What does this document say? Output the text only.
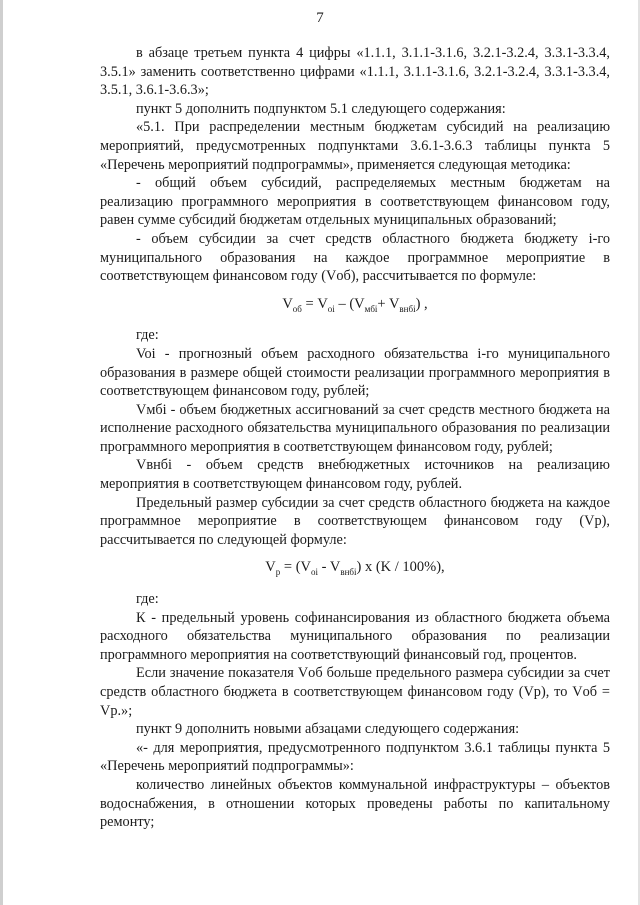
7

в абзаце третьем пункта 4 цифры «1.1.1, 3.1.1-3.1.6, 3.2.1-3.2.4, 3.3.1-3.3.4, 3.5.1» заменить соответственно цифрами «1.1.1, 3.1.1-3.1.6, 3.2.1-3.2.4, 3.3.1-3.3.4, 3.5.1, 3.6.1-3.6.3»;

пункт 5 дополнить подпунктом 5.1 следующего содержания:

«5.1. При распределении местным бюджетам субсидий на реализацию мероприятий, предусмотренных подпунктами 3.6.1-3.6.3 таблицы пункта 5 «Перечень мероприятий подпрограммы», применяется следующая методика:

- общий объем субсидий, распределяемых местным бюджетам на реализацию программного мероприятия в соответствующем финансовом году, равен сумме субсидий бюджетам отдельных муниципальных образований;

- объем субсидии за счет средств областного бюджета бюджету i-го муниципального образования на каждое программное мероприятие в соответствующем финансовом году (Vоб), рассчитывается по формуле:

$V_{об} = V_{oi} - (V_{мбi}+ V_{внбi})$ ,

где:

Voi - прогнозный объем расходного обязательства i-го муниципального образования в размере общей стоимости реализации программного мероприятия в соответствующем финансовом году, рублей;

Vмбi - объем бюджетных ассигнований за счет средств местного бюджета на исполнение расходного обязательства муниципального образования по реализации программного мероприятия в соответствующем финансовом году, рублей;

Vвнбi - объем средств внебюджетных источников на реализацию мероприятия в соответствующем финансовом году, рублей.

Предельный размер субсидии за счет средств областного бюджета на каждое программное мероприятие в соответствующем финансовом году (Vp), рассчитывается по следующей формуле:

$V_p = (V_{oi} - V_{внбi})$ x (K / 100%),

где:

К - предельный уровень софинансирования из областного бюджета объема расходного обязательства муниципального образования по реализации программного мероприятия на соответствующий финансовый год, процентов.

Если значение показателя Vоб больше предельного размера субсидии за счет средств областного бюджета в соответствующем финансовом году (Vp), то Vоб = Vp.»;

пункт 9 дополнить новыми абзацами следующего содержания:

«- для мероприятия, предусмотренного подпунктом 3.6.1 таблицы пункта 5 «Перечень мероприятий подпрограммы»:

количество линейных объектов коммунальной инфраструктуры – объектов водоснабжения, в отношении которых проведены работы по капитальному ремонту;
